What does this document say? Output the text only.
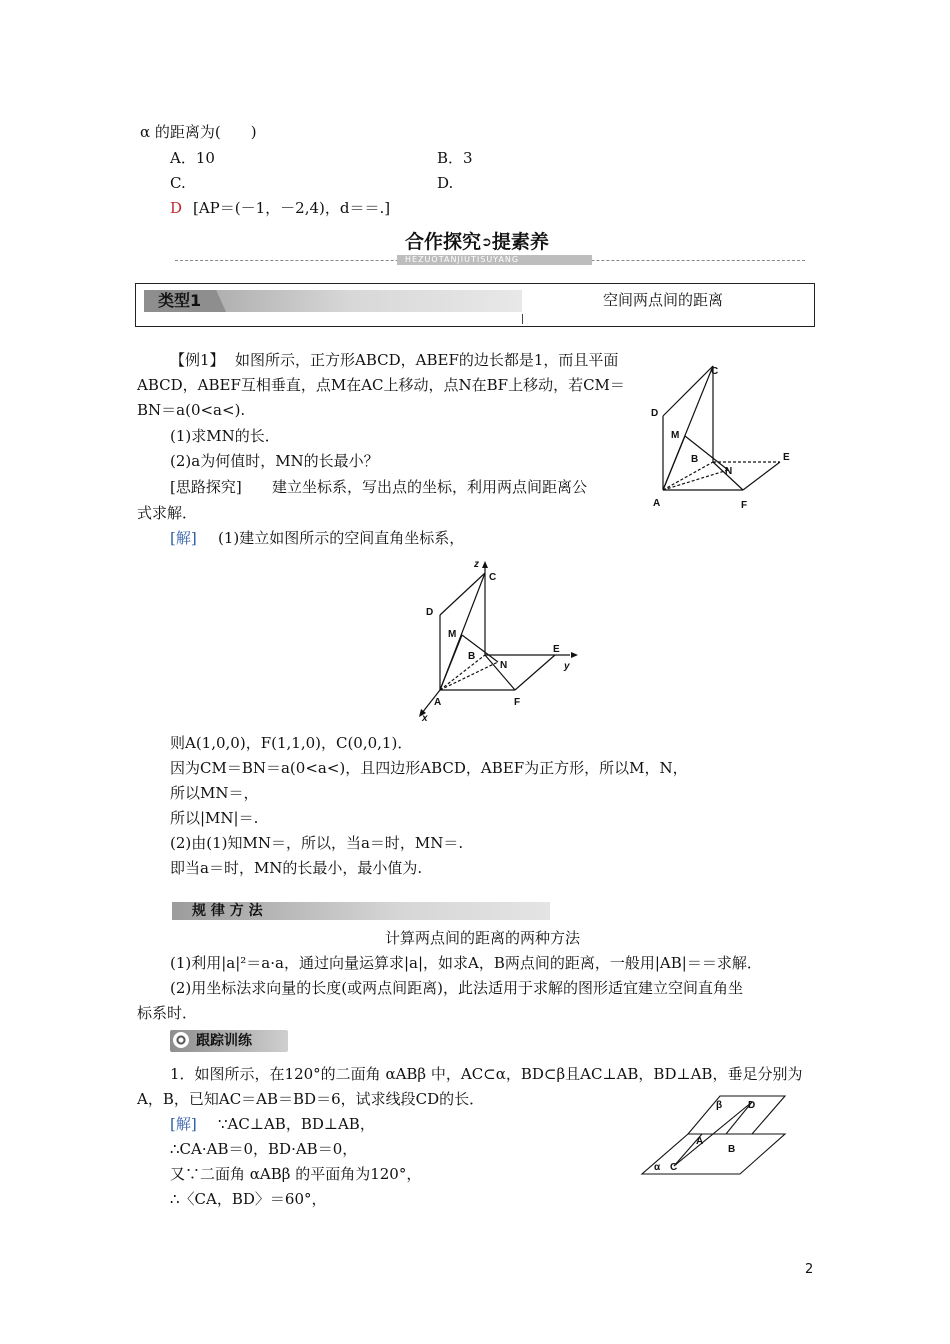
α 的距离为(　　)
A．10	B．3
C.	D.
D [AP＝(－1，－2,4)，d＝＝.]
HEZUOTANJIUTISUYANG
合作探究➲提素养
类型1	空间两点间的距离
【例1】 如图所示，正方形ABCD，ABEF的边长都是1，而且平面
ABCD，ABEF互相垂直，点M在AC上移动，点N在BF上移动，若CM＝
BN＝a(0<a<).
(1)求MN的长．
(2)a为何值时，MN的长最小？
[思路探究] 建立坐标系，写出点的坐标，利用两点间距离公
式求解．
[解] (1)建立如图所示的空间直角坐标系，
C
D
M
B
N
E
A	F
z
C
D
M
B
N
E
y
A	F
x
则A(1,0,0)，F(1,1,0)，C(0,0,1)．
因为CM＝BN＝a(0<a<)，且四边形ABCD，ABEF为正方形，所以M，N，
所以MN＝，
所以|MN|＝.
(2)由(1)知MN＝，所以，当a＝时，MN＝.
即当a＝时，MN的长最小，最小值为.
规 律 方 法
计算两点间的距离的两种方法
(1)利用|a|²＝a·a，通过向量运算求|a|，如求A，B两点间的距离，一般用|AB|＝＝求解．
(2)用坐标法求向量的长度(或两点间距离)，此法适用于求解的图形适宜建立空间直角坐
标系时．
跟踪训练
1．如图所示，在120°的二面角 αABβ 中，AC⊂α，BD⊂β且AC⊥AB，BD⊥AB，垂足分别为
A，B，已知AC＝AB＝BD＝6，试求线段CD的长．
[解] ∵AC⊥AB，BD⊥AB，
∴CA·AB＝0，BD·AB＝0，
又∵二面角 αABβ 的平面角为120°，
∴〈CA，BD〉＝60°，
β	D
A
B
C
α
2
